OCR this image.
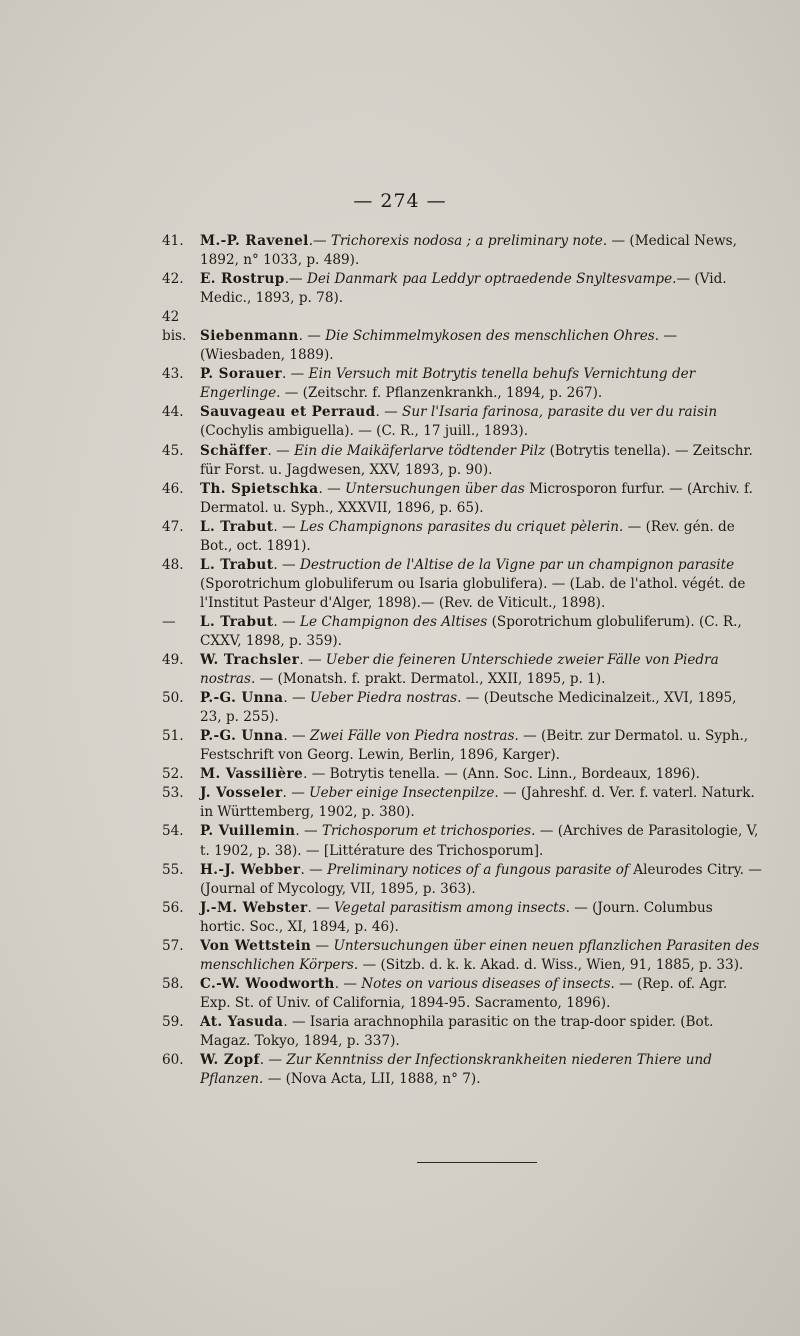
— 274 —

41. M.-P. Ravenel.— Trichorexis nodosa ; a preliminary note. — (Medical News, 1892, n° 1033, p. 489).

42. E. Rostrup.— Dei Danmark paa Leddyr optraedende Snyltesvampe.— (Vid. Medic., 1893, p. 78).

42 bis. Siebenmann. — Die Schimmelmykosen des menschlichen Ohres. — (Wiesbaden, 1889).

43. P. Sorauer. — Ein Versuch mit Botrytis tenella behufs Vernichtung der Engerlinge. — (Zeitschr. f. Pflanzenkrankh., 1894, p. 267).

44. Sauvageau et Perraud. — Sur l'Isaria farinosa, parasite du ver du raisin (Cochylis ambiguella). — (C. R., 17 juill., 1893).

45. Schäffer. — Ein die Maikäferlarve tödtender Pilz (Botrytis tenella). — Zeitschr. für Forst. u. Jagdwesen, XXV, 1893, p. 90).

46. Th. Spietschka. — Untersuchungen über das Microsporon furfur. — (Archiv. f. Dermatol. u. Syph., XXXVII, 1896, p. 65).

47. L. Trabut. — Les Champignons parasites du criquet pèlerin. — (Rev. gén. de Bot., oct. 1891).

48. L. Trabut. — Destruction de l'Altise de la Vigne par un champignon parasite (Sporotrichum globuliferum ou Isaria globulifera). — (Lab. de l'athol. végét. de l'Institut Pasteur d'Alger, 1898).— (Rev. de Viticult., 1898).

— L. Trabut. — Le Champignon des Altises (Sporotrichum globuliferum). (C. R., CXXV, 1898, p. 359).

49. W. Trachsler. — Ueber die feineren Unterschiede zweier Fälle von Piedra nostras. — (Monatsh. f. prakt. Dermatol., XXII, 1895, p. 1).

50. P.-G. Unna. — Ueber Piedra nostras. — (Deutsche Medicinalzeit., XVI, 1895, 23, p. 255).

51. P.-G. Unna. — Zwei Fälle von Piedra nostras. — (Beitr. zur Dermatol. u. Syph., Festschrift von Georg. Lewin, Berlin, 1896, Karger).

52. M. Vassilière. — Botrytis tenella. — (Ann. Soc. Linn., Bordeaux, 1896).

53. J. Vosseler. — Ueber einige Insectenpilze. — (Jahreshf. d. Ver. f. vaterl. Naturk. in Württemberg, 1902, p. 380).

54. P. Vuillemin. — Trichosporum et trichospories. — (Archives de Parasitologie, V, t. 1902, p. 38). — [Littérature des Trichosporum].

55. H.-J. Webber. — Preliminary notices of a fungous parasite of Aleurodes Citry. — (Journal of Mycology, VII, 1895, p. 363).

56. J.-M. Webster. — Vegetal parasitism among insects. — (Journ. Columbus hortic. Soc., XI, 1894, p. 46).

57. Von Wettstein — Untersuchungen über einen neuen pflanzlichen Parasiten des menschlichen Körpers. — (Sitzb. d. k. k. Akad. d. Wiss., Wien, 91, 1885, p. 33).

58. C.-W. Woodworth. — Notes on various diseases of insects. — (Rep. of. Agr. Exp. St. of Univ. of California, 1894-95. Sacramento, 1896).

59. At. Yasuda. — Isaria arachnophila parasitic on the trap-door spider. (Bot. Magaz. Tokyo, 1894, p. 337).

60. W. Zopf. — Zur Kenntniss der Infectionskrankheiten niederen Thiere und Pflanzen. — (Nova Acta, LII, 1888, n° 7).
